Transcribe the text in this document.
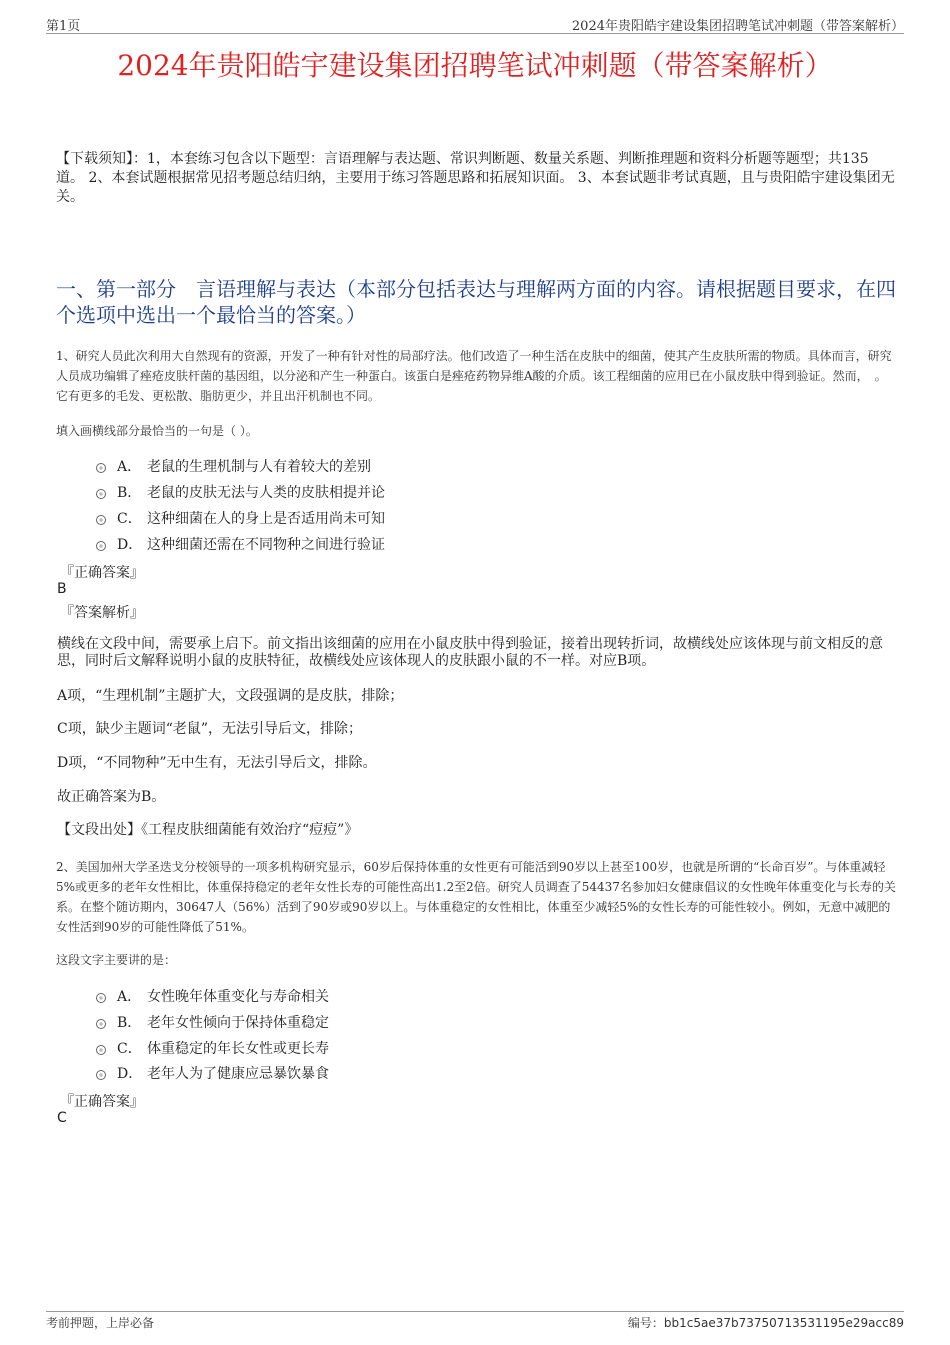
第1页	2024年贵阳皓宇建设集团招聘笔试冲刺题（带答案解析）
2024年贵阳皓宇建设集团招聘笔试冲刺题（带答案解析）
【下载须知】：1，本套练习包含以下题型：言语理解与表达题、常识判断题、数量关系题、判断推理题和资料分析题等题型；共135道。 2、本套试题根据常见招考题总结归纳，主要用于练习答题思路和拓展知识面。 3、本套试题非考试真题，且与贵阳皓宇建设集团无关。
一、第一部分　言语理解与表达（本部分包括表达与理解两方面的内容。请根据题目要求，在四个选项中选出一个最恰当的答案。）
1、研究人员此次利用大自然现有的资源，开发了一种有针对性的局部疗法。他们改造了一种生活在皮肤中的细菌，使其产生皮肤所需的物质。具体而言，研究人员成功编辑了痤疮皮肤杆菌的基因组，以分泌和产生一种蛋白。该蛋白是痤疮药物异维A酸的介质。该工程细菌的应用已在小鼠皮肤中得到验证。然而，　。它有更多的毛发、更松散、脂肪更少，并且出汗机制也不同。
填入画横线部分最恰当的一句是（ ）。
A． 老鼠的生理机制与人有着较大的差别
B． 老鼠的皮肤无法与人类的皮肤相提并论
C． 这种细菌在人的身上是否适用尚未可知
D． 这种细菌还需在不同物种之间进行验证
『正确答案』
B
『答案解析』
横线在文段中间，需要承上启下。前文指出该细菌的应用在小鼠皮肤中得到验证，接着出现转折词，故横线处应该体现与前文相反的意思，同时后文解释说明小鼠的皮肤特征，故横线处应该体现人的皮肤跟小鼠的不一样。对应B项。
A项，“生理机制”主题扩大，文段强调的是皮肤，排除；
C项，缺少主题词“老鼠”，无法引导后文，排除；
D项，“不同物种”无中生有，无法引导后文，排除。
故正确答案为B。
【文段出处】《工程皮肤细菌能有效治疗“痘痘”》
2、美国加州大学圣迭戈分校领导的一项多机构研究显示，60岁后保持体重的女性更有可能活到90岁以上甚至100岁，也就是所谓的“长命百岁”。与体重减轻5%或更多的老年女性相比，体重保持稳定的老年女性长寿的可能性高出1.2至2倍。研究人员调查了54437名参加妇女健康倡议的女性晚年体重变化与长寿的关系。在整个随访期内，30647人（56%）活到了90岁或90岁以上。与体重稳定的女性相比，体重至少减轻5%的女性长寿的可能性较小。例如，无意中减肥的女性活到90岁的可能性降低了51%。
这段文字主要讲的是：
A． 女性晚年体重变化与寿命相关
B． 老年女性倾向于保持体重稳定
C． 体重稳定的年长女性或更长寿
D． 老年人为了健康应忌暴饮暴食
『正确答案』
C
考前押题，上岸必备	编号：bb1c5ae37b73750713531195e29acc89
